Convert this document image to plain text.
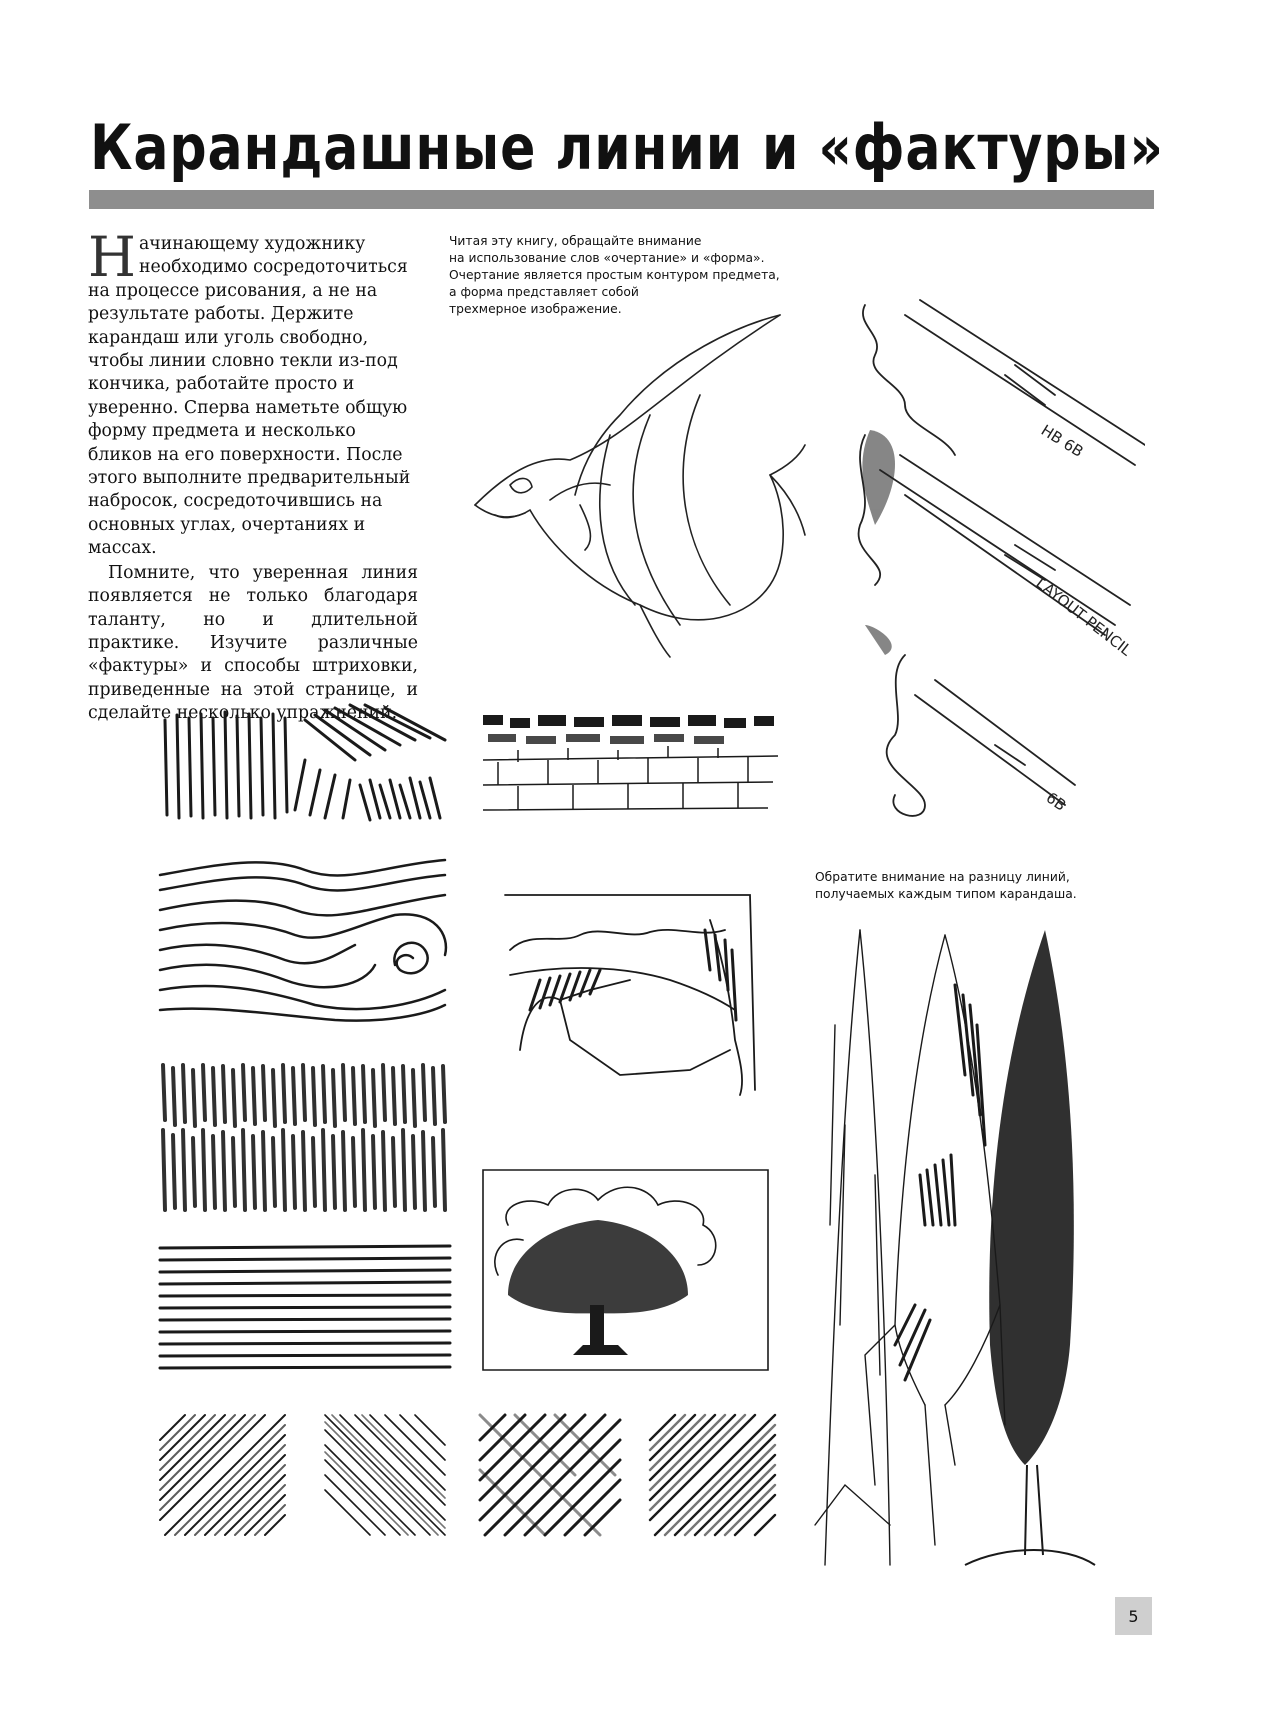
Карандашные линии и «фактуры»

Начинающему художнику необходимо сосредоточиться на процессе рисования, а не на результате работы. Держите карандаш или уголь свободно, чтобы линии словно текли из-под кончика, работайте просто и уверенно. Сперва наметьте общую форму предмета и несколько бликов на его поверхности. После этого выполните предварительный набросок, сосредоточившись на основных углах, очертаниях и массах.

Помните, что уверенная линия появляется не только благодаря таланту, но и длительной практике. Изучите различные «фактуры» и способы штриховки, приведенные на этой странице, и сделайте несколько упражнений.

Читая эту книгу, обращайте внимание
на использование слов «очертание» и «форма».
Очертание является простым контуром предмета,
а форма представляет собой
трехмерное изображение.
Обратите внимание на разницу линий,
получаемых каждым типом карандаша.
HB 6B
LAYOUT PENCIL
6B
5
